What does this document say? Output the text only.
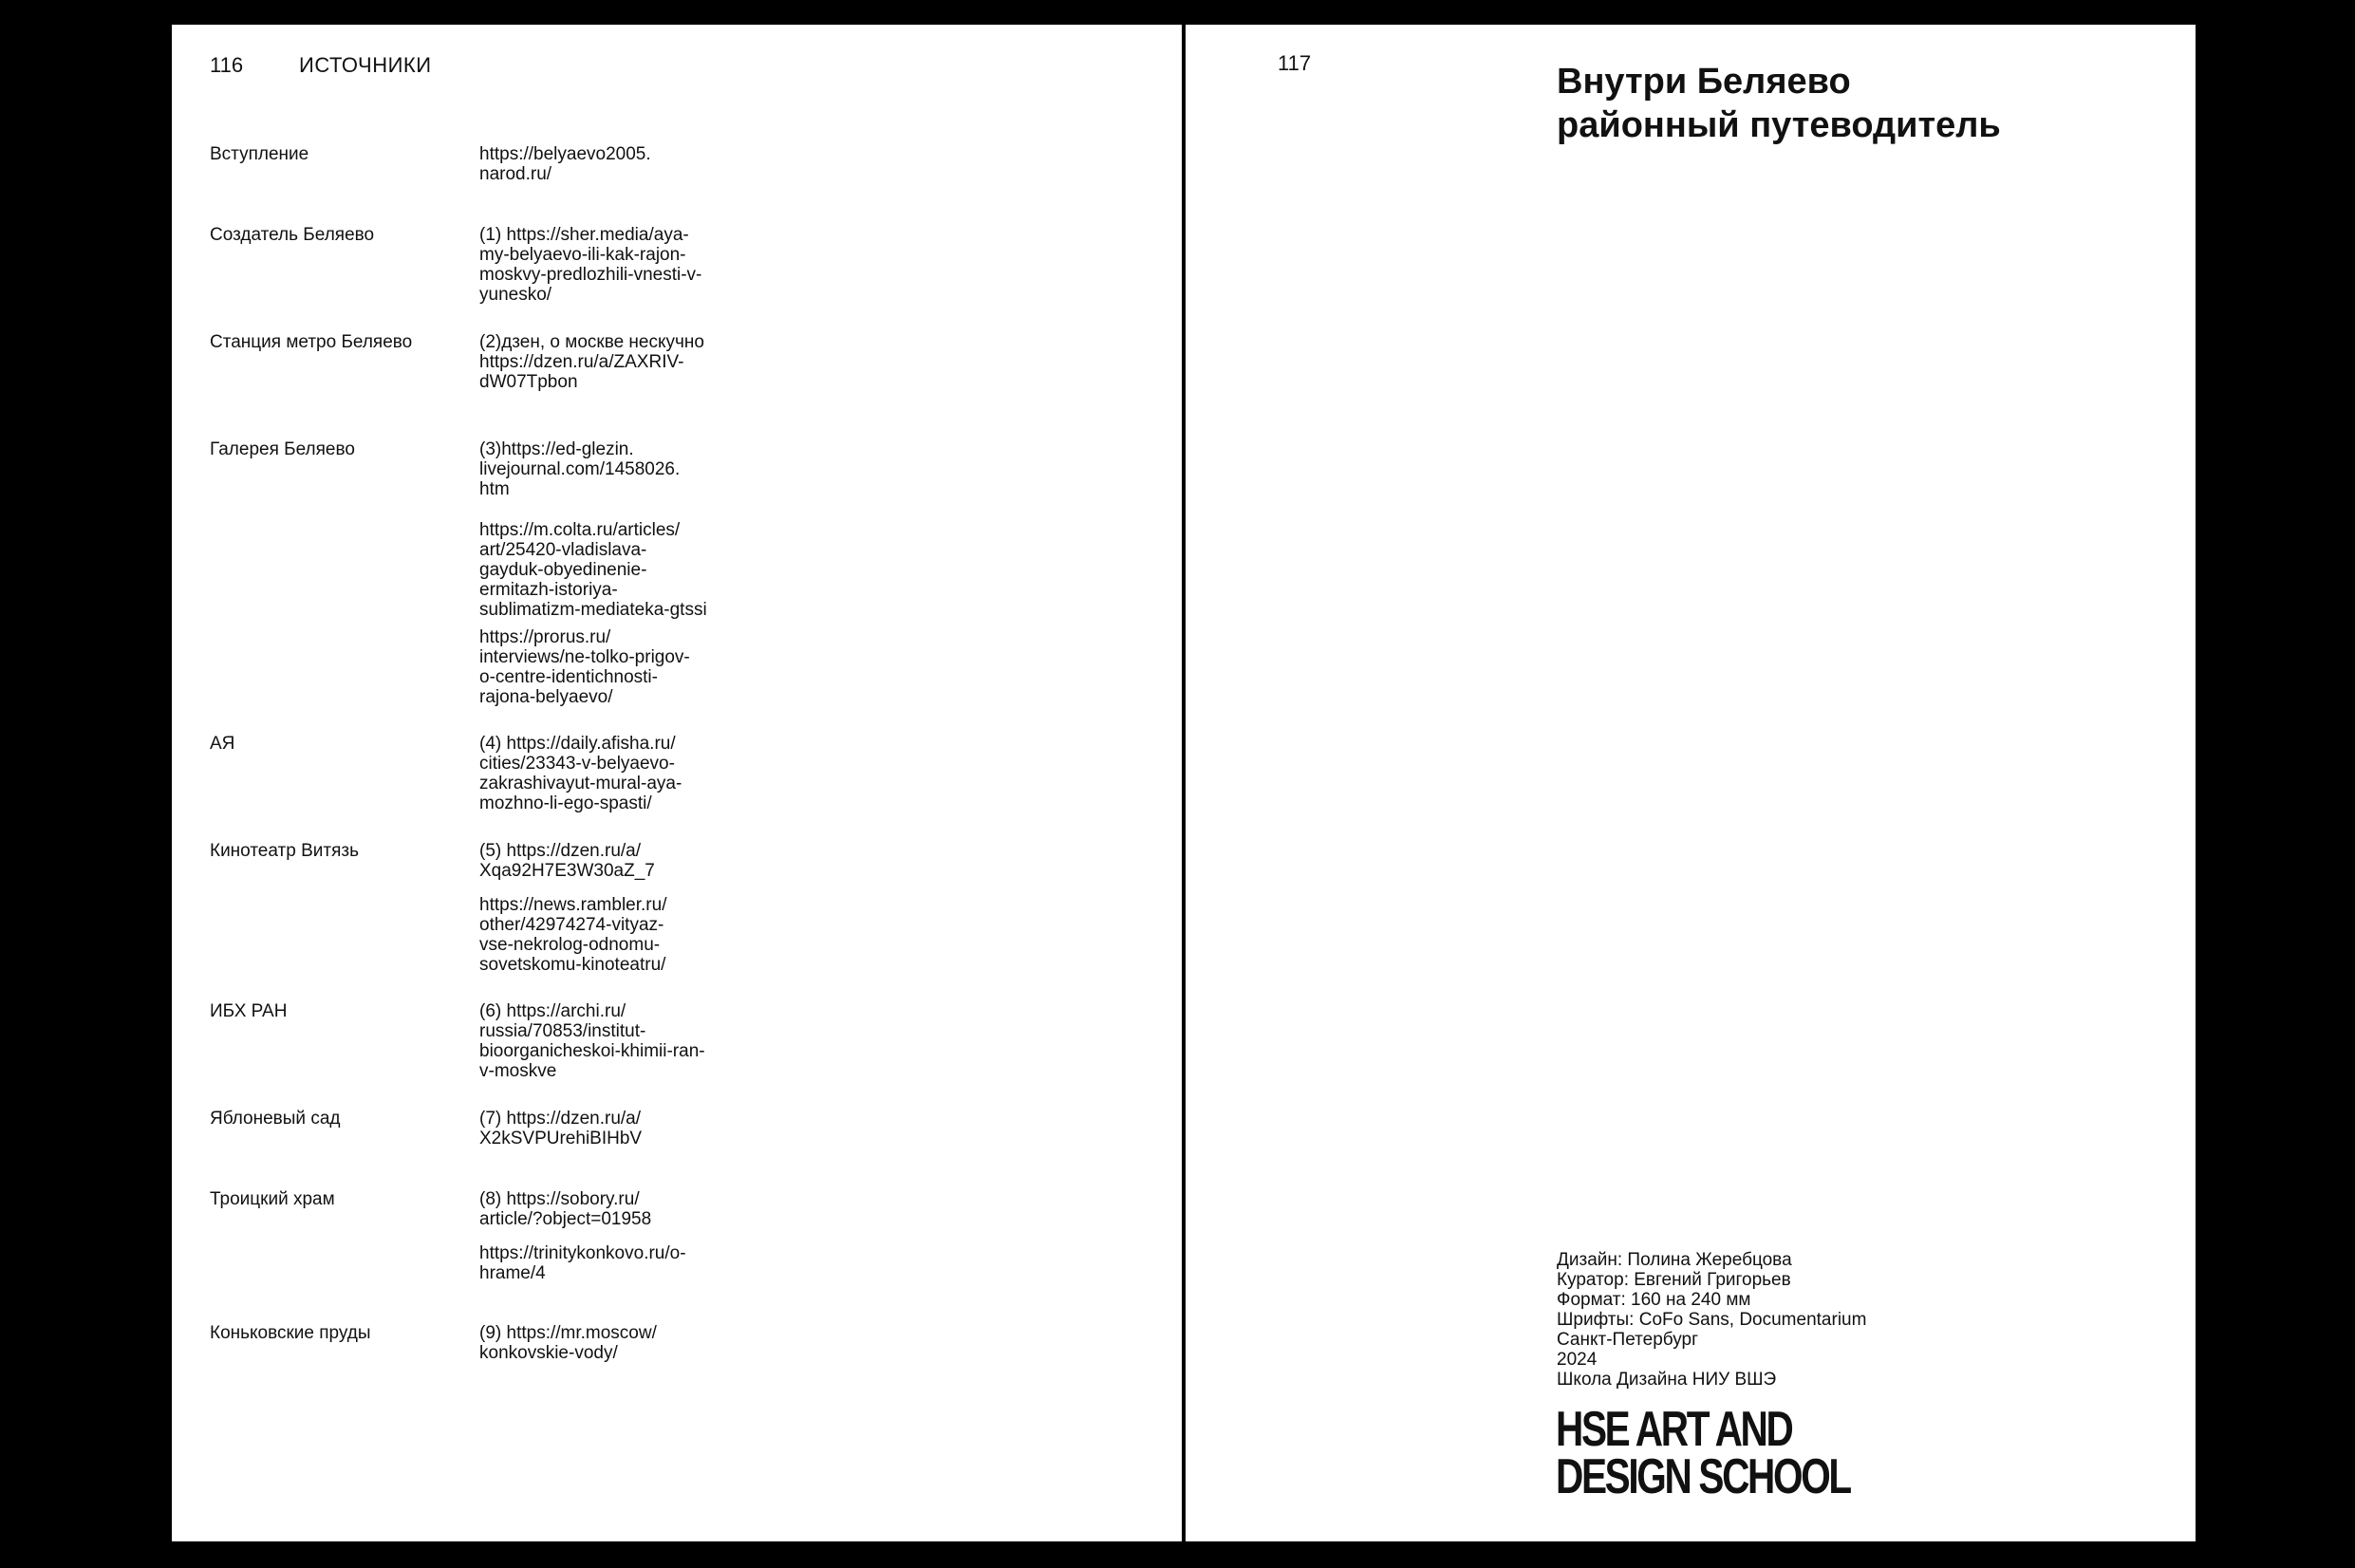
116	ИСТОЧНИКИ
Вступление	https://belyaevo2005.
narod.ru/
Создатель Беляево	(1) https://sher.media/aya-
my-belyaevo-ili-kak-rajon-
moskvy-predlozhili-vnesti-v-
yunesko/
Станция метро Беляево	(2)дзен, о москве нескучно
https://dzen.ru/a/ZAXRIV-
dW07Tpbon
Галерея Беляево	(3)https://ed-glezin.
livejournal.com/1458026.
htm
https://m.colta.ru/articles/
art/25420-vladislava-
gayduk-obyedinenie-
ermitazh-istoriya-
sublimatizm-mediateka-gtssi
https://prorus.ru/
interviews/ne-tolko-prigov-
o-centre-identichnosti-
rajona-belyaevo/
АЯ	(4) https://daily.afisha.ru/
cities/23343-v-belyaevo-
zakrashivayut-mural-aya-
mozhno-li-ego-spasti/
Кинотеатр Витязь	(5) https://dzen.ru/a/
Xqa92H7E3W30aZ_7
https://news.rambler.ru/
other/42974274-vityaz-
vse-nekrolog-odnomu-
sovetskomu-kinoteatru/
ИБХ РАН	(6) https://archi.ru/
russia/70853/institut-
bioorganicheskoi-khimii-ran-
v-moskve
Яблоневый сад	(7) https://dzen.ru/a/
X2kSVPUrehiBIHbV
Троицкий храм	(8) https://sobory.ru/
article/?object=01958
https://trinitykonkovo.ru/o-
hrame/4
Коньковские пруды	(9) https://mr.moscow/
konkovskie-vody/
117	Внутри Беляево
районный путеводитель
Дизайн: Полина Жеребцова
Куратор: Евгений Григорьев
Формат: 160 на 240 мм
Шрифты: CoFo Sans, Documentarium
Санкт-Петербург
2024
Школа Дизайна НИУ ВШЭ
HSE ART AND
DESIGN SCHOOL
